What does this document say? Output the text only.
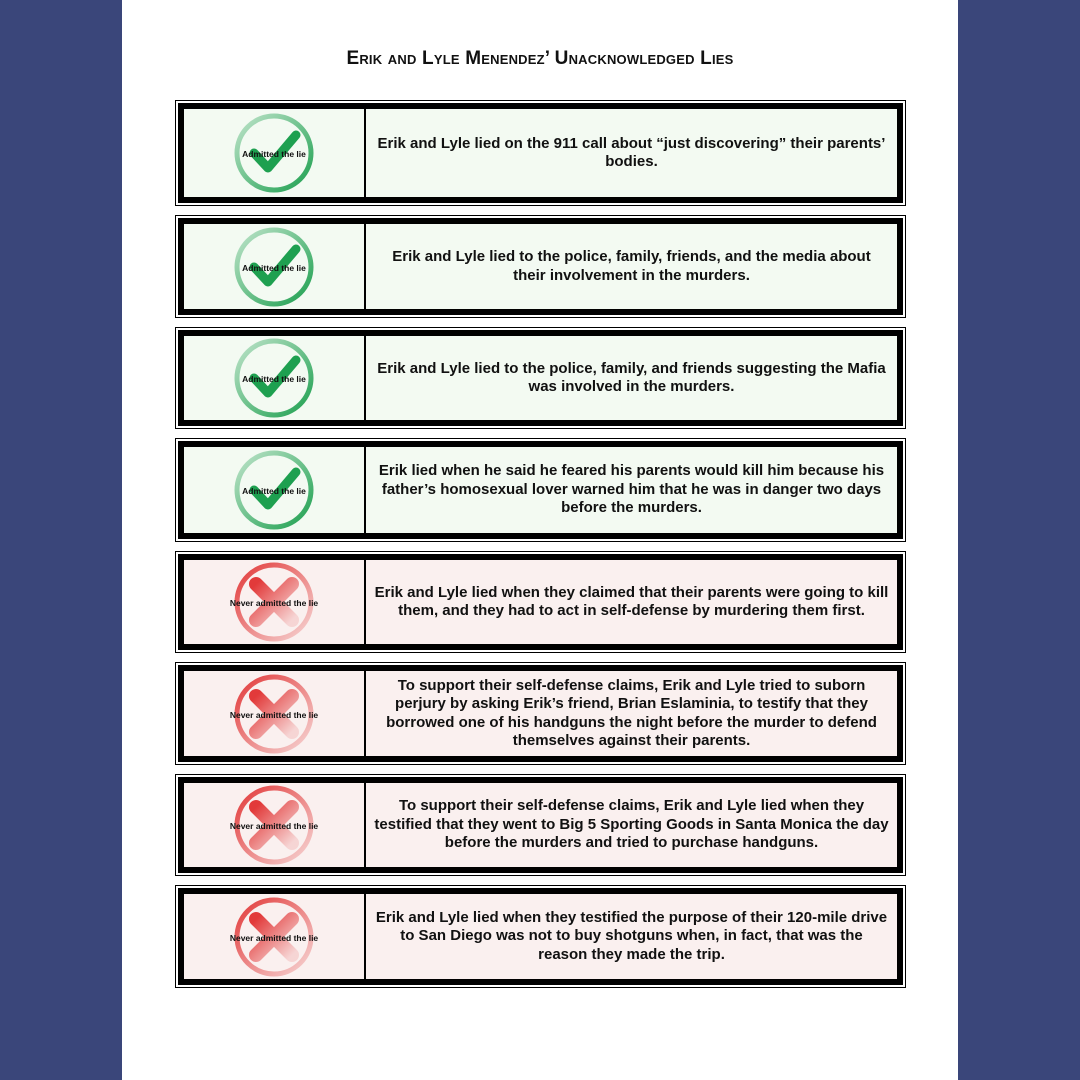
Erik and Lyle Menendez’ Unacknowledged Lies
Admitted the lie
Erik and Lyle lied on the 911 call about “just discovering” their parents’ bodies.
Admitted the lie
Erik and Lyle lied to the police, family, friends, and the media about their involvement in the murders.
Admitted the lie
Erik and Lyle lied to the police, family, and friends suggesting the Mafia was involved in the murders.
Admitted the lie
Erik lied when he said he feared his parents would kill him because his father’s homosexual lover warned him that he was in danger two days before the murders.
Never admitted the lie
Erik and Lyle lied when they claimed that their parents were going to kill them, and they had to act in self-defense by murdering them first.
Never admitted the lie
To support their self-defense claims, Erik and Lyle tried to suborn perjury by asking Erik’s friend, Brian Eslaminia, to testify that they borrowed one of his handguns the night before the murder to defend themselves against their parents.
Never admitted the lie
To support their self-defense claims, Erik and Lyle lied when they testified that they went to Big 5 Sporting Goods in Santa Monica the day before the murders and tried to purchase handguns.
Never admitted the lie
Erik and Lyle lied when they testified the purpose of their 120-mile drive to San Diego was not to buy shotguns when, in fact, that was the reason they made the trip.
